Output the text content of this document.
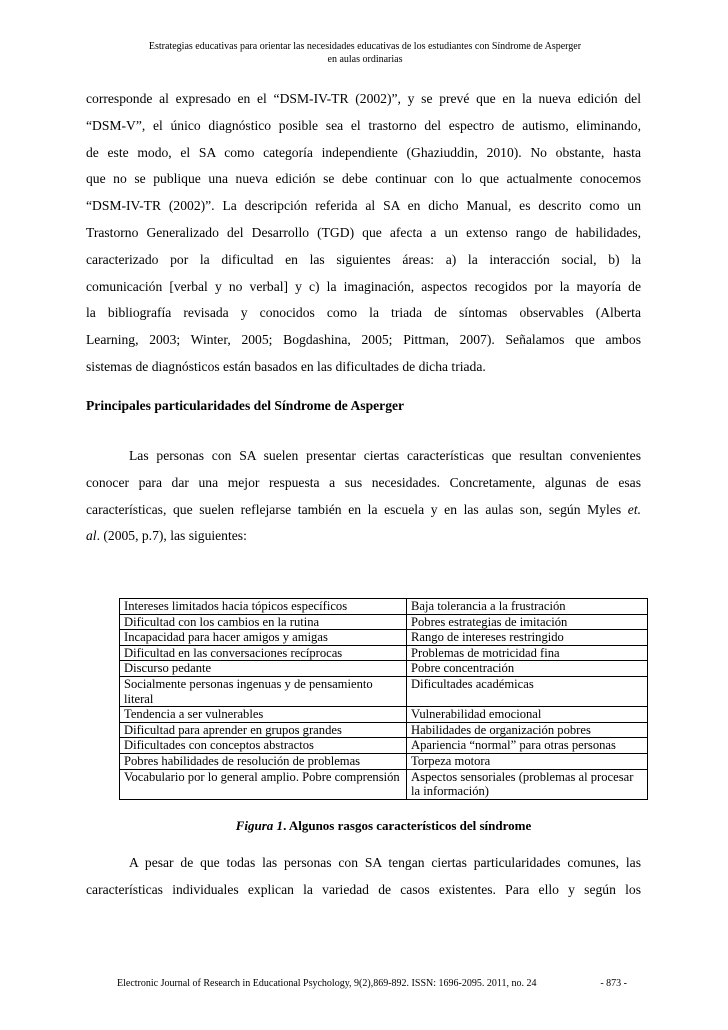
Estrategias educativas para orientar las necesidades educativas de los estudiantes con Síndrome de Asperger
en aulas ordinarias
corresponde al expresado en el “DSM-IV-TR (2002)”, y se prevé que en la nueva edición del
“DSM-V”, el único diagnóstico posible sea el trastorno del espectro de autismo, eliminando,
de este modo, el SA como categoría independiente (Ghaziuddin, 2010). No obstante, hasta
que no se publique una nueva edición se debe continuar con lo que actualmente conocemos
“DSM-IV-TR (2002)”. La descripción referida al SA en dicho Manual, es descrito como un
Trastorno Generalizado del Desarrollo (TGD) que afecta a un extenso rango de habilidades,
caracterizado por la dificultad en las siguientes áreas: a) la interacción social, b) la
comunicación [verbal y no verbal] y c) la imaginación, aspectos recogidos por la mayoría de
la bibliografía revisada y conocidos como la triada de síntomas observables (Alberta
Learning, 2003; Winter, 2005; Bogdashina, 2005; Pittman, 2007). Señalamos que ambos
sistemas de diagnósticos están basados en las dificultades de dicha triada.
Principales particularidades del Síndrome de Asperger
Las personas con SA suelen presentar ciertas características que resultan convenientes
conocer para dar una mejor respuesta a sus necesidades. Concretamente, algunas de esas
características, que suelen reflejarse también en la escuela y en las aulas son, según Myles et.
al. (2005, p.7), las siguientes:
Intereses limitados hacia tópicos específicos	Baja tolerancia a la frustración
Dificultad con los cambios en la rutina	Pobres estrategias de imitación
Incapacidad para hacer amigos y amigas	Rango de intereses restringido
Dificultad en las conversaciones recíprocas	Problemas de motricidad fina
Discurso pedante	Pobre concentración
Socialmente personas ingenuas y de pensamiento literal	Dificultades académicas
Tendencia a ser vulnerables	Vulnerabilidad emocional
Dificultad para aprender en grupos grandes	Habilidades de organización pobres
Dificultades con conceptos abstractos	Apariencia “normal” para otras personas
Pobres habilidades de resolución de problemas	Torpeza motora
Vocabulario por lo general amplio. Pobre comprensión	Aspectos sensoriales (problemas al procesar la información)
Figura 1. Algunos rasgos característicos del síndrome
A pesar de que todas las personas con SA tengan ciertas particularidades comunes, las
características individuales explican la variedad de casos existentes. Para ello y según los
Electronic Journal of Research in Educational Psychology, 9(2),869-892. ISSN: 1696-2095. 2011, no. 24	- 873 -
